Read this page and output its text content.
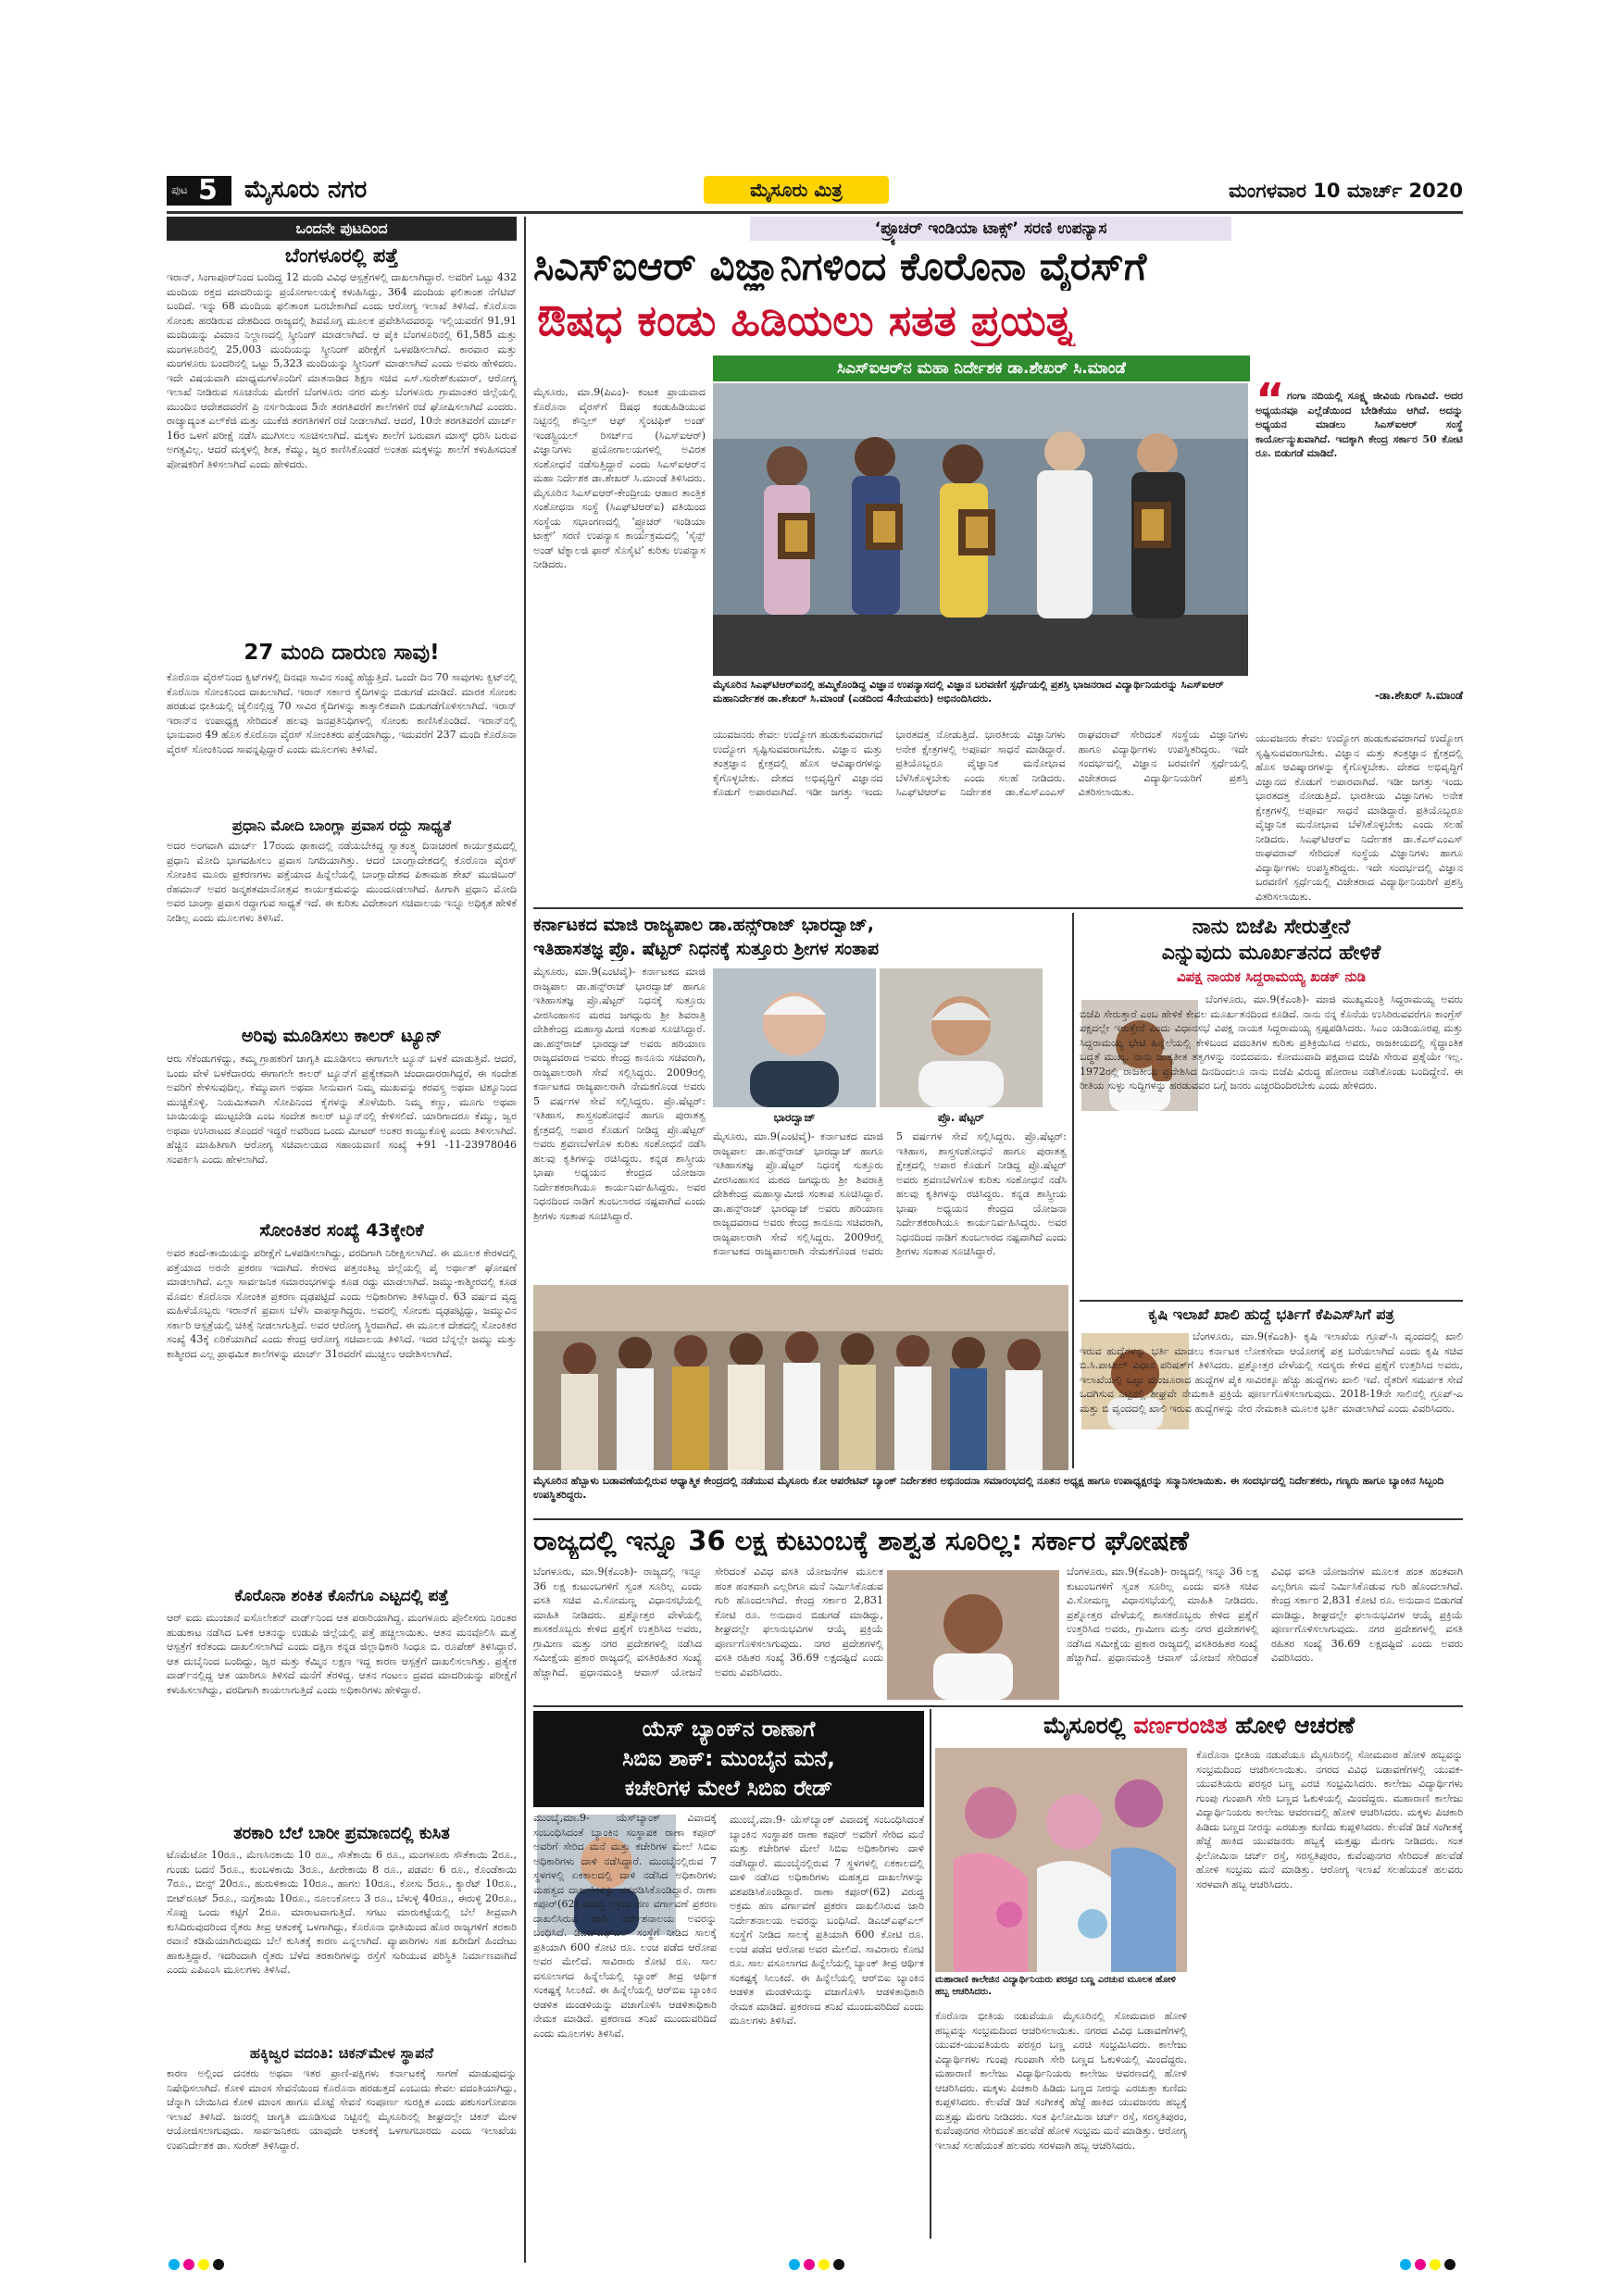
ಪುಟ 5 ಮೈಸೂರು ನಗರ	ಮೈಸೂರು ಮಿತ್ರ	ಮಂಗಳವಾರ 10 ಮಾರ್ಚ್ 2020
ಒಂದನೇ ಪುಟದಿಂದ
ಬೆಂಗಳೂರಲ್ಲಿ ಪತ್ತೆ
ಇರಾನ್, ಸಿಂಗಾಪೂರ್‌ನಿಂದ ಬಂದಿದ್ದ 12 ಮಂದಿ ವಿವಿಧ ಆಸ್ಪತ್ರೆಗಳಲ್ಲಿ ದಾಖಲಾಗಿದ್ದಾರೆ. ಅವರಿಗೆ ಒಟ್ಟು 432 ಮಂದಿಯ ರಕ್ತದ ಮಾದರಿಯನ್ನು ಪ್ರಯೋಗಾಲಯಕ್ಕೆ ಕಳುಹಿಸಿದ್ದು, 364 ಮಂದಿಯ ಫಲಿತಾಂಶ ನೆಗೆಟಿವ್ ಬಂದಿದೆ. ಇನ್ನು 68 ಮಂದಿಯ ಫಲಿತಾಂಶ ಬರಬೇಕಾಗಿದೆ ಎಂದು ಆರೋಗ್ಯ ಇಲಾಖೆ ತಿಳಿಸಿದೆ. ಕೊರೊನಾ ಸೋಂಕು ಹರಡಿರುವ ದೇಶದಿಂದ ರಾಜ್ಯದಲ್ಲಿ ಶಿವಮೊಗ್ಗ ಮೂಲಕ ಪ್ರವೇಶಿಸಿದವರನ್ನು ಇಲ್ಲಿಯವರೆಗೆ 91,91 ಮಂದಿಯನ್ನು ವಿಮಾನ ನಿಲ್ದಾಣದಲ್ಲಿ ಸ್ಕ್ರೀನಿಂಗ್ ಮಾಡಲಾಗಿದೆ. ಆ ಪೈಕಿ ಬೆಂಗಳೂರಿನಲ್ಲಿ 61,585 ಮತ್ತು ಮಂಗಳೂರಿನಲ್ಲಿ 25,003 ಮಂದಿಯನ್ನು ಸ್ಕ್ರೀನಿಂಗ್ ಪರೀಕ್ಷೆಗೆ ಒಳಪಡಿಸಲಾಗಿದೆ. ಕಾರವಾರ ಮತ್ತು ಮಂಗಳೂರು ಬಂದರಿನಲ್ಲಿ ಒಟ್ಟು 5,323 ಮಂದಿಯನ್ನು ಸ್ಕ್ರೀನಿಂಗ್ ಮಾಡಲಾಗಿದೆ ಎಂದು ಅವರು ಹೇಳಿದರು. ಇದೇ ವಿಷಯವಾಗಿ ಮಾಧ್ಯಮಗಳೊಂದಿಗೆ ಮಾತನಾಡಿದ ಶಿಕ್ಷಣ ಸಚಿವ ಎಸ್.ಸುರೇಶ್‌ಕುಮಾರ್, ಆರೋಗ್ಯ ಇಲಾಖೆ ನೀಡಿರುವ ಸೂಚನೆಯ ಮೇರೆಗೆ ಬೆಂಗಳೂರು ನಗರ ಮತ್ತು ಬೆಂಗಳೂರು ಗ್ರಾಮಾಂತರ ಜಿಲ್ಲೆಯಲ್ಲಿ ಮುಂದಿನ ಆದೇಶದವರೆಗೆ ಪ್ರಿ ನರ್ಸರಿಯಿಂದ 5ನೇ ತರಗತಿವರೆಗೆ ಶಾಲೆಗಳಿಗೆ ರಜೆ ಘೋಷಿಸಲಾಗಿದೆ ಎಂದರು. ರಾಜ್ಯಾದ್ಯಂತ ಎಲ್‌ಕೆಜಿ ಮತ್ತು ಯುಕೆಜಿ ತರಗತಿಗಳಿಗೆ ರಜೆ ನೀಡಲಾಗಿದೆ. ಆದರೆ, 10ನೇ ತರಗತಿವರೆಗೆ ಮಾರ್ಚ್ 16ರ ಒಳಗೆ ಪರೀಕ್ಷೆ ನಡೆಸಿ ಮುಗಿಸಲು ಸೂಚಿಸಲಾಗಿದೆ. ಮಕ್ಕಳು ಶಾಲೆಗೆ ಬರುವಾಗ ಮಾಸ್ಕ್ ಧರಿಸಿ ಬರುವ ಅಗತ್ಯವಿಲ್ಲ. ಆದರೆ ಮಕ್ಕಳಲ್ಲಿ ಶೀತ, ಕೆಮ್ಮು, ಜ್ವರ ಕಾಣಿಸಿಕೊಂಡರೆ ಅಂತಹ ಮಕ್ಕಳನ್ನು ಶಾಲೆಗೆ ಕಳುಹಿಸದಂತೆ ಪೋಷಕರಿಗೆ ತಿಳಿಸಲಾಗಿದೆ ಎಂದು ಹೇಳಿದರು.
27 ಮಂದಿ ದಾರುಣ ಸಾವು!
ಕೊರೊನಾ ವೈರಸ್‌ನಿಂದ ಕ್ವಿಟ್‌ಗಳಲ್ಲಿ ದಿನವೂ ಸಾವಿನ ಸಂಖ್ಯೆ ಹೆಚ್ಚುತ್ತಿದೆ. ಒಂದೇ ದಿನ 70 ಸಾವುಗಳು ಕ್ವಿಟ್‌ನಲ್ಲಿ ಕೊರೊನಾ ಸೋಂಕಿನಿಂದ ದಾಖಲಾಗಿದೆ. ಇರಾನ್ ಸರ್ಕಾರ ಕೈದಿಗಳನ್ನು ಬಿಡುಗಡೆ ಮಾಡಿದೆ. ಮಾರಕ ಸೋಂಕು ಹರಡುವ ಭೀತಿಯಲ್ಲಿ ಜೈಲಿನಲ್ಲಿದ್ದ 70 ಸಾವಿರ ಕೈದಿಗಳನ್ನು ತಾತ್ಕಾಲಿಕವಾಗಿ ಬಿಡುಗಡೆಗೊಳಿಸಲಾಗಿದೆ. ಇರಾನ್ ಇರಾನ್‌ನ ಉಪಾಧ್ಯಕ್ಷ ಸೇರಿದಂತೆ ಹಲವು ಜನಪ್ರತಿನಿಧಿಗಳಲ್ಲಿ ಸೋಂಕು ಕಾಣಿಸಿಕೊಂಡಿದೆ. ಇರಾನ್‌ನಲ್ಲಿ ಭಾನುವಾರ 49 ಹೊಸ ಕೊರೊನಾ ವೈರಸ್ ಸೋಂಕಿತರು ಪತ್ತೆಯಾಗಿದ್ದು, ಇದುವರೆಗೆ 237 ಮಂದಿ ಕೊರೊನಾ ವೈರಸ್ ಸೋಂಕಿನಿಂದ ಸಾವನ್ನಪ್ಪಿದ್ದಾರೆ ಎಂದು ಮೂಲಗಳು ತಿಳಿಸಿವೆ.
ಪ್ರಧಾನಿ ಮೋದಿ ಬಾಂಗ್ಲಾ ಪ್ರವಾಸ ರದ್ದು ಸಾಧ್ಯತೆ
ಅದರ ಅಂಗವಾಗಿ ಮಾರ್ಚ್ 17ರಂದು ಢಾಕಾದಲ್ಲಿ ನಡೆಯಬೇಕಿದ್ದ ಸ್ವಾತಂತ್ರ್ಯ ದಿನಾಚರಣೆ ಕಾರ್ಯಕ್ರಮದಲ್ಲಿ ಪ್ರಧಾನಿ ಮೋದಿ ಭಾಗವಹಿಸಲು ಪ್ರವಾಸ ನಿಗದಿಯಾಗಿತ್ತು. ಆದರೆ ಬಾಂಗ್ಲಾದೇಶದಲ್ಲಿ ಕೊರೊನಾ ವೈರಸ್ ಸೋಂಕಿನ ಮೂರು ಪ್ರಕರಣಗಳು ಪತ್ತೆಯಾದ ಹಿನ್ನೆಲೆಯಲ್ಲಿ ಬಾಂಗ್ಲಾದೇಶದ ಪಿತಾಮಹ ಶೇಖ್ ಮುಜಿಬುರ್ ರೆಹಮಾನ್ ಅವರ ಜನ್ಮಶತಮಾನೋತ್ಸವ ಕಾರ್ಯಕ್ರಮವನ್ನು ಮುಂದೂಡಲಾಗಿದೆ. ಹೀಗಾಗಿ ಪ್ರಧಾನಿ ಮೋದಿ ಅವರ ಬಾಂಗ್ಲಾ ಪ್ರವಾಸ ರದ್ದಾಗುವ ಸಾಧ್ಯತೆ ಇದೆ. ಈ ಕುರಿತು ವಿದೇಶಾಂಗ ಸಚಿವಾಲಯ ಇನ್ನೂ ಅಧಿಕೃತ ಹೇಳಿಕೆ ನೀಡಿಲ್ಲ ಎಂದು ಮೂಲಗಳು ತಿಳಿಸಿವೆ.
ಅರಿವು ಮೂಡಿಸಲು ಕಾಲರ್ ಟ್ಯೂನ್
ಆರು ಸೆಕೆಂಡುಗಳಿದ್ದು, ತಮ್ಮ ಗ್ರಾಹಕರಿಗೆ ಜಾಗೃತಿ ಮೂಡಿಸಲು ಈಗಾಗಲೇ ಟ್ಯೂನ್ ಬಳಕೆ ಮಾಡುತ್ತಿವೆ. ಆದರೆ, ಒಂದು ವೇಳೆ ಬಳಕೆದಾರರು ಈಗಾಗಲೇ ಕಾಲರ್ ಟ್ಯೂನ್‌ಗೆ ಪ್ರತ್ಯೇಕವಾಗಿ ಚಂದಾದಾರರಾಗಿದ್ದರೆ, ಈ ಸಂದೇಶ ಅವರಿಗೆ ಕೇಳಿಸುವುದಿಲ್ಲ. ಕೆಮ್ಮುವಾಗ ಅಥವಾ ಸೀನುವಾಗ ನಿಮ್ಮ ಮುಖವನ್ನು ಕರವಸ್ತ್ರ ಅಥವಾ ಟಿಶ್ಯೂನಿಂದ ಮುಚ್ಚಿಕೊಳ್ಳಿ. ನಿಯಮಿತವಾಗಿ ಸೋಪಿನಿಂದ ಕೈಗಳನ್ನು ತೊಳೆಯಿರಿ. ನಿಮ್ಮ ಕಣ್ಣು, ಮೂಗು ಅಥವಾ ಬಾಯಿಯನ್ನು ಮುಟ್ಟಬೇಡಿ ಎಂಬ ಸಂದೇಶ ಕಾಲರ್ ಟ್ಯೂನ್‌ನಲ್ಲಿ ಕೇಳಿಸಲಿದೆ. ಯಾರಿಗಾದರೂ ಕೆಮ್ಮು, ಜ್ವರ ಅಥವಾ ಉಸಿರಾಟದ ತೊಂದರೆ ಇದ್ದರೆ ಅವರಿಂದ ಒಂದು ಮೀಟರ್ ಅಂತರ ಕಾಯ್ದುಕೊಳ್ಳಿ ಎಂದು ತಿಳಿಸಲಾಗಿದೆ. ಹೆಚ್ಚಿನ ಮಾಹಿತಿಗಾಗಿ ಆರೋಗ್ಯ ಸಚಿವಾಲಯದ ಸಹಾಯವಾಣಿ ಸಂಖ್ಯೆ +91 -11-23978046 ಸಂಪರ್ಕಿಸಿ ಎಂದು ಹೇಳಲಾಗಿದೆ.
ಸೋಂಕಿತರ ಸಂಖ್ಯೆ 43ಕ್ಕೇರಿಕೆ
ಅವರ ತಂದೆ-ತಾಯಿಯನ್ನು ಪರೀಕ್ಷೆಗೆ ಒಳಪಡಿಸಲಾಗಿದ್ದು, ವರದಿಗಾಗಿ ನಿರೀಕ್ಷಿಸಲಾಗಿದೆ. ಈ ಮೂಲಕ ಕೇರಳದಲ್ಲಿ ಪತ್ತೆಯಾದ ಅರನೇ ಪ್ರಕರಣ ಇದಾಗಿದೆ. ಕೇರಳದ ಪತ್ತನಂತಿಟ್ಟ ಜಿಲ್ಲೆಯಲ್ಲಿ ಪೈ ಅರ್ಥಾತ್ ಘೋಷಣೆ ಮಾಡಲಾಗಿದೆ. ಎಲ್ಲಾ ಸಾರ್ವಜನಿಕ ಸಮಾರಂಭಗಳನ್ನು ಕೂಡ ರದ್ದು ಮಾಡಲಾಗಿದೆ. ಜಮ್ಮು-ಕಾಶ್ಮೀರದಲ್ಲಿ ಕೂಡ ಮೊದಲ ಕೊರೊನಾ ಸೋಂಕಿತ ಪ್ರಕರಣ ದೃಢಪಟ್ಟಿದೆ ಎಂದು ಅಧಿಕಾರಿಗಳು ತಿಳಿಸಿದ್ದಾರೆ. 63 ವರ್ಷದ ವೃದ್ಧ ಮಹಿಳೆಯೊಬ್ಬರು ಇರಾನ್‌ಗೆ ಪ್ರವಾಸ ಬೆಳೆಸಿ ವಾಪಸ್ಸಾಗಿದ್ದರು. ಅವರಲ್ಲಿ ಸೋಂಕು ದೃಢಪಟ್ಟಿದ್ದು, ಜಮ್ಮುವಿನ ಸರ್ಕಾರಿ ಆಸ್ಪತ್ರೆಯಲ್ಲಿ ಚಿಕಿತ್ಸೆ ನೀಡಲಾಗುತ್ತಿದೆ. ಅವರ ಆರೋಗ್ಯ ಸ್ಥಿರವಾಗಿದೆ. ಈ ಮೂಲಕ ದೇಶದಲ್ಲಿ ಸೋಂಕಿತರ ಸಂಖ್ಯೆ 43ಕ್ಕೆ ಏರಿಕೆಯಾಗಿದೆ ಎಂದು ಕೇಂದ್ರ ಆರೋಗ್ಯ ಸಚಿವಾಲಯ ತಿಳಿಸಿದೆ. ಇದರ ಬೆನ್ನಲ್ಲೇ ಜಮ್ಮು ಮತ್ತು ಕಾಶ್ಮೀರದ ಎಲ್ಲ ಪ್ರಾಥಮಿಕ ಶಾಲೆಗಳನ್ನು ಮಾರ್ಚ್ 31ರವರೆಗೆ ಮುಚ್ಚಲು ಆದೇಶಿಸಲಾಗಿದೆ.
ಕೊರೊನಾ ಶಂಕಿತ ಕೊನೆಗೂ ಎಟ್ಟದಲ್ಲಿ ಪತ್ತೆ
ಆರ್ ಐದು ಮುಂಜಾನೆ ಐಸೊಲೇಶನ್ ವಾರ್ಡ್‌ನಿಂದ ಆತ ಪರಾರಿಯಾಗಿದ್ದ. ಮಂಗಳೂರು ಪೊಲೀಸರು ನಿರಂತರ ಹುಡುಕಾಟ ನಡೆಸಿದ ಬಳಿಕ ಆತನನ್ನು ಉಡುಪಿ ಜಿಲ್ಲೆಯಲ್ಲಿ ಪತ್ತೆ ಹಚ್ಚಲಾಯಿತು. ಆತನ ಮನವೊಲಿಸಿ ಮತ್ತೆ ಆಸ್ಪತ್ರೆಗೆ ಕರೆತಂದು ದಾಖಲಿಸಲಾಗಿದೆ ಎಂದು ದಕ್ಷಿಣ ಕನ್ನಡ ಜಿಲ್ಲಾಧಿಕಾರಿ ಸಿಂಧೂ ಬಿ. ರೂಪೇಶ್ ತಿಳಿಸಿದ್ದಾರೆ. ಆತ ದುಬೈನಿಂದ ಬಂದಿದ್ದು, ಜ್ವರ ಮತ್ತು ಕೆಮ್ಮಿನ ಲಕ್ಷಣ ಇದ್ದ ಕಾರಣ ಆಸ್ಪತ್ರೆಗೆ ದಾಖಲಿಸಲಾಗಿತ್ತು. ಪ್ರತ್ಯೇಕ ವಾರ್ಡ್‌ನಲ್ಲಿದ್ದ ಆತ ಯಾರಿಗೂ ತಿಳಿಸದೆ ಮನೆಗೆ ತೆರಳಿದ್ದ. ಆತನ ಗಂಟಲು ದ್ರವದ ಮಾದರಿಯನ್ನು ಪರೀಕ್ಷೆಗೆ ಕಳುಹಿಸಲಾಗಿದ್ದು, ವರದಿಗಾಗಿ ಕಾಯಲಾಗುತ್ತಿದೆ ಎಂದು ಅಧಿಕಾರಿಗಳು ಹೇಳಿದ್ದಾರೆ.
ತರಕಾರಿ ಬೆಲೆ ಬಾರೀ ಪ್ರಮಾಣದಲ್ಲಿ ಕುಸಿತ
ಟೊಮೆಟೋ 10ರೂ., ಮೆಣಸಿನಕಾಯಿ 10 ರೂ., ಸೌತೆಕಾಯಿ 6 ರೂ., ಮಂಗಳೂರು ಸೌತೆಕಾಯಿ 2ರೂ., ಗುಂಡು ಬದನೆ 5ರೂ., ಕುಂಬಳಕಾಯಿ 3ರೂ., ಹೀರೇಕಾಯಿ 8 ರೂ., ಪಡವಲ 6 ರೂ., ಕೊಂಡೆಕಾಯಿ 7ರೂ., ಬೀನ್ಸ್ 20ರೂ., ಹುರುಳಿಕಾಯಿ 10ರೂ., ಹಾಗಲ 10ರೂ., ಕೋಸು 5ರೂ., ಕ್ಯಾರೆಟ್ 10ರೂ., ಬೀಟ್‌ರೂಟ್ 5ರೂ., ನುಗ್ಗೆಕಾಯಿ 10ರೂ., ನೂಲುಕೋಲು 3 ರೂ., ಬೆಳುಳ್ಳಿ 40ರೂ., ಈರುಳ್ಳಿ 20ರೂ., ಸೊಪ್ಪು ಒಂದು ಕಟ್ಟಿಗೆ 2ರೂ. ಮಾರಾಟವಾಗುತ್ತಿದೆ. ಸಗಟು ಮಾರುಕಟ್ಟೆಯಲ್ಲಿ ಬೆಲೆ ತೀವ್ರವಾಗಿ ಕುಸಿದಿರುವುದರಿಂದ ರೈತರು ತೀವ್ರ ಆತಂಕಕ್ಕೆ ಒಳಗಾಗಿದ್ದು, ಕೊರೊನಾ ಭೀತಿಯಿಂದ ಹೊರ ರಾಜ್ಯಗಳಿಗೆ ತರಕಾರಿ ರವಾನೆ ಕಡಿಮೆಯಾಗಿರುವುದು ಬೆಲೆ ಕುಸಿತಕ್ಕೆ ಕಾರಣ ಎನ್ನಲಾಗಿದೆ. ವ್ಯಾಪಾರಿಗಳು ಸಹ ಖರೀದಿಗೆ ಹಿಂದೇಟು ಹಾಕುತ್ತಿದ್ದಾರೆ. ಇದರಿಂದಾಗಿ ರೈತರು ಬೆಳೆದ ತರಕಾರಿಗಳನ್ನು ರಸ್ತೆಗೆ ಸುರಿಯುವ ಪರಿಸ್ಥಿತಿ ನಿರ್ಮಾಣವಾಗಿದೆ ಎಂದು ಎಪಿಎಂಸಿ ಮೂಲಗಳು ತಿಳಿಸಿವೆ.
ಹಕ್ಕಿಜ್ವರ ವದಂತಿ: ಚಿಕನ್‌ಮೇಳ ಸ್ಥಾಪನೆ
ಕಾರಣ ಅಲ್ಲಿಂದ ದನಕರು ಅಥವಾ ಇತರ ಪ್ರಾಣಿ-ಪಕ್ಷಿಗಳು ಕರ್ನಾಟಕಕ್ಕೆ ಸಾಗಣೆ ಮಾಡುವುದನ್ನು ನಿಷೇಧಿಸಲಾಗಿದೆ. ಕೋಳಿ ಮಾಂಸ ಸೇವನೆಯಿಂದ ಕೊರೊನಾ ಹರಡುತ್ತದೆ ಎಂಬುದು ಕೇವಲ ವದಂತಿಯಾಗಿದ್ದು, ಚೆನ್ನಾಗಿ ಬೇಯಿಸಿದ ಕೋಳಿ ಮಾಂಸ ಹಾಗೂ ಮೊಟ್ಟೆ ಸೇವನೆ ಸಂಪೂರ್ಣ ಸುರಕ್ಷಿತ ಎಂದು ಪಶುಸಂಗೋಪನಾ ಇಲಾಖೆ ತಿಳಿಸಿದೆ. ಜನರಲ್ಲಿ ಜಾಗೃತಿ ಮೂಡಿಸುವ ನಿಟ್ಟಿನಲ್ಲಿ ಮೈಸೂರಿನಲ್ಲಿ ಶೀಘ್ರದಲ್ಲೇ ಚಿಕನ್ ಮೇಳ ಆಯೋಜಿಸಲಾಗುವುದು. ಸಾರ್ವಜನಿಕರು ಯಾವುದೇ ಆತಂಕಕ್ಕೆ ಒಳಗಾಗಬಾರದು ಎಂದು ಇಲಾಖೆಯ ಉಪನಿರ್ದೇಶಕ ಡಾ. ಸುರೇಶ್ ತಿಳಿಸಿದ್ದಾರೆ.
‘ಪ್ರ್ಯೂಚರ್ ಇಂಡಿಯಾ ಟಾಕ್ಸ್’ ಸರಣಿ ಉಪನ್ಯಾಸ
ಸಿಎಸ್‌ಐಆರ್ ವಿಜ್ಞಾನಿಗಳಿಂದ ಕೊರೊನಾ ವೈರಸ್‌ಗೆ
ಔಷಧ ಕಂಡು ಹಿಡಿಯಲು ಸತತ ಪ್ರಯತ್ನ
ಸಿಎಸ್‌ಐಆರ್‌ನ ಮಹಾ ನಿರ್ದೇಶಕ ಡಾ.ಶೇಖರ್ ಸಿ.ಮಾಂಡೆ
ಮೈಸೂರು, ಮಾ.9(ಪಿಎಂ)- ಕಂಟಕ ಪ್ರಾಯವಾದ ಕೊರೊನಾ ವೈರಸ್‌ಗೆ ಔಷಧ ಕಂಡುಹಿಡಿಯುವ ನಿಟ್ಟಿನಲ್ಲಿ ಕೌನ್ಸಿಲ್ ಆಫ್ ಸೈಂಟಿಫಿಕ್ ಅಂಡ್ ಇಂಡಸ್ಟ್ರಿಯಲ್ ರಿಸರ್ಚ್‌ನ (ಸಿಎಸ್‌ಐಆರ್) ವಿಜ್ಞಾನಿಗಳು ಪ್ರಯೋಗಾಲಯಗಳಲ್ಲಿ ಅವಿರತ ಸಂಶೋಧನೆ ನಡೆಸುತ್ತಿದ್ದಾರೆ ಎಂದು ಸಿಎಸ್‌ಐಆರ್‌ನ ಮಹಾ ನಿರ್ದೇಶಕ ಡಾ.ಶೇಖರ್ ಸಿ.ಮಾಂಡೆ ತಿಳಿಸಿದರು. ಮೈಸೂರಿನ ಸಿಎಸ್‌ಐಆರ್-ಕೇಂದ್ರೀಯ ಆಹಾರ ತಾಂತ್ರಿಕ ಸಂಶೋಧನಾ ಸಂಸ್ಥೆ (ಸಿಎಫ್‌ಟಿಆರ್‌ಐ) ವತಿಯಿಂದ ಸಂಸ್ಥೆಯ ಸಭಾಂಗಣದಲ್ಲಿ ‘ಪ್ರ್ಯೂಚರ್ ಇಂಡಿಯಾ ಟಾಕ್ಸ್’ ಸರಣಿ ಉಪನ್ಯಾಸ ಕಾರ್ಯಕ್ರಮದಲ್ಲಿ ‘ಸೈನ್ಸ್ ಅಂಡ್ ಟೆಕ್ನಾಲಜಿ ಫಾರ್ ಸೊಸೈಟಿ’ ಕುರಿತು ಉಪನ್ಯಾಸ ನೀಡಿದರು.
ಮೈಸೂರಿನ ಸಿಎಫ್‌ಟಿಆರ್‌ಐನಲ್ಲಿ ಹಮ್ಮಿಕೊಂಡಿದ್ದ ವಿಜ್ಞಾನ ಉಪನ್ಯಾಸದಲ್ಲಿ ವಿಜ್ಞಾನ ಬರವಣಿಗೆ ಸ್ಪರ್ಧೆಯಲ್ಲಿ ಪ್ರಶಸ್ತಿ ಭಾಜನರಾದ ವಿದ್ಯಾರ್ಥಿನಿಯರನ್ನು ಸಿಎಸ್‌ಐಆರ್ ಮಹಾನಿರ್ದೇಶಕ ಡಾ.ಶೇಖರ್ ಸಿ.ಮಾಂಡೆ (ಎಡದಿಂದ 4ನೇಯವರು) ಅಭಿನಂದಿಸಿದರು.
“ ಗಂಗಾ ನದಿಯಲ್ಲಿ ಸೂಕ್ಷ್ಮ ಜೀವಿಯ ಗುಣವಿದೆ. ಅದರ ಅಧ್ಯಯನವೂ ಎಲ್ಲೆಡೆಯಿಂದ ಬೇಡಿಕೆಯು ಆಗಿದೆ. ಅದನ್ನು ಅಧ್ಯಯನ ಮಾಡಲು ಸಿಎಸ್‌ಐಆರ್ ಸಂಸ್ಥೆ ಕಾರ್ಯೋನ್ಮುಖವಾಗಿದೆ. ಇದಕ್ಕಾಗಿ ಕೇಂದ್ರ ಸರ್ಕಾರ 50 ಕೋಟಿ ರೂ. ಬಿಡುಗಡೆ ಮಾಡಿದೆ.
-ಡಾ.ಶೇಖರ್ ಸಿ.ಮಾಂಡೆ
ಯುವಜನರು ಕೇವಲ ಉದ್ಯೋಗ ಹುಡುಕುವವರಾಗದೆ ಉದ್ಯೋಗ ಸೃಷ್ಟಿಸುವವರಾಗಬೇಕು. ವಿಜ್ಞಾನ ಮತ್ತು ತಂತ್ರಜ್ಞಾನ ಕ್ಷೇತ್ರದಲ್ಲಿ ಹೊಸ ಆವಿಷ್ಕಾರಗಳನ್ನು ಕೈಗೊಳ್ಳಬೇಕು. ದೇಶದ ಅಭಿವೃದ್ಧಿಗೆ ವಿಜ್ಞಾನದ ಕೊಡುಗೆ ಅಪಾರವಾಗಿದೆ. ಇಡೀ ಜಗತ್ತು ಇಂದು ಭಾರತದತ್ತ ನೋಡುತ್ತಿದೆ. ಭಾರತೀಯ ವಿಜ್ಞಾನಿಗಳು ಅನೇಕ ಕ್ಷೇತ್ರಗಳಲ್ಲಿ ಅಪೂರ್ವ ಸಾಧನೆ ಮಾಡಿದ್ದಾರೆ. ಪ್ರತಿಯೊಬ್ಬರೂ ವೈಜ್ಞಾನಿಕ ಮನೋಭಾವ ಬೆಳೆಸಿಕೊಳ್ಳಬೇಕು ಎಂದು ಸಲಹೆ ನೀಡಿದರು. ಸಿಎಫ್‌ಟಿಆರ್‌ಐ ನಿರ್ದೇಶಕ ಡಾ.ಕೆಎಸ್‌ಎಂಎಸ್ ರಾಘವರಾವ್ ಸೇರಿದಂತೆ ಸಂಸ್ಥೆಯ ವಿಜ್ಞಾನಿಗಳು ಹಾಗೂ ವಿದ್ಯಾರ್ಥಿಗಳು ಉಪಸ್ಥಿತರಿದ್ದರು. ಇದೇ ಸಂದರ್ಭದಲ್ಲಿ ವಿಜ್ಞಾನ ಬರವಣಿಗೆ ಸ್ಪರ್ಧೆಯಲ್ಲಿ ವಿಜೇತರಾದ ವಿದ್ಯಾರ್ಥಿನಿಯರಿಗೆ ಪ್ರಶಸ್ತಿ ವಿತರಿಸಲಾಯಿತು.
ಯುವಜನರು ಕೇವಲ ಉದ್ಯೋಗ ಹುಡುಕುವವರಾಗದೆ ಉದ್ಯೋಗ ಸೃಷ್ಟಿಸುವವರಾಗಬೇಕು. ವಿಜ್ಞಾನ ಮತ್ತು ತಂತ್ರಜ್ಞಾನ ಕ್ಷೇತ್ರದಲ್ಲಿ ಹೊಸ ಆವಿಷ್ಕಾರಗಳನ್ನು ಕೈಗೊಳ್ಳಬೇಕು. ದೇಶದ ಅಭಿವೃದ್ಧಿಗೆ ವಿಜ್ಞಾನದ ಕೊಡುಗೆ ಅಪಾರವಾಗಿದೆ. ಇಡೀ ಜಗತ್ತು ಇಂದು ಭಾರತದತ್ತ ನೋಡುತ್ತಿದೆ. ಭಾರತೀಯ ವಿಜ್ಞಾನಿಗಳು ಅನೇಕ ಕ್ಷೇತ್ರಗಳಲ್ಲಿ ಅಪೂರ್ವ ಸಾಧನೆ ಮಾಡಿದ್ದಾರೆ. ಪ್ರತಿಯೊಬ್ಬರೂ ವೈಜ್ಞಾನಿಕ ಮನೋಭಾವ ಬೆಳೆಸಿಕೊಳ್ಳಬೇಕು ಎಂದು ಸಲಹೆ ನೀಡಿದರು. ಸಿಎಫ್‌ಟಿಆರ್‌ಐ ನಿರ್ದೇಶಕ ಡಾ.ಕೆಎಸ್‌ಎಂಎಸ್ ರಾಘವರಾವ್ ಸೇರಿದಂತೆ ಸಂಸ್ಥೆಯ ವಿಜ್ಞಾನಿಗಳು ಹಾಗೂ ವಿದ್ಯಾರ್ಥಿಗಳು ಉಪಸ್ಥಿತರಿದ್ದರು. ಇದೇ ಸಂದರ್ಭದಲ್ಲಿ ವಿಜ್ಞಾನ ಬರವಣಿಗೆ ಸ್ಪರ್ಧೆಯಲ್ಲಿ ವಿಜೇತರಾದ ವಿದ್ಯಾರ್ಥಿನಿಯರಿಗೆ ಪ್ರಶಸ್ತಿ ವಿತರಿಸಲಾಯಿತು.
ಕರ್ನಾಟಕದ ಮಾಜಿ ರಾಜ್ಯಪಾಲ ಡಾ.ಹನ್ಸ್‌ರಾಜ್ ಭಾರದ್ವಾಜ್,
ಇತಿಹಾಸತಜ್ಞ ಪ್ರೊ. ಷೆಟ್ಟರ್ ನಿಧನಕ್ಕೆ ಸುತ್ತೂರು ಶ್ರೀಗಳ ಸಂತಾಪ
ಮೈಸೂರು, ಮಾ.9(ಎಂಟಿವೈ)- ಕರ್ನಾಟಕದ ಮಾಜಿ ರಾಜ್ಯಪಾಲ ಡಾ.ಹನ್ಸ್‌ರಾಜ್ ಭಾರದ್ವಾಜ್ ಹಾಗೂ ಇತಿಹಾಸತಜ್ಞ ಪ್ರೊ.ಷೆಟ್ಟರ್ ನಿಧನಕ್ಕೆ ಸುತ್ತೂರು ವೀರಸಿಂಹಾಸನ ಮಠದ ಜಗದ್ಗುರು ಶ್ರೀ ಶಿವರಾತ್ರಿ ದೇಶಿಕೇಂದ್ರ ಮಹಾಸ್ವಾಮೀಜಿ ಸಂತಾಪ ಸೂಚಿಸಿದ್ದಾರೆ. ಡಾ.ಹನ್ಸ್‌ರಾಜ್ ಭಾರದ್ವಾಜ್ ಅವರು ಹರಿಯಾಣ ರಾಜ್ಯದವರಾದ ಅವರು ಕೇಂದ್ರ ಕಾನೂನು ಸಚಿವರಾಗಿ, ರಾಜ್ಯಪಾಲರಾಗಿ ಸೇವೆ ಸಲ್ಲಿಸಿದ್ದರು. 2009ರಲ್ಲಿ ಕರ್ನಾಟಕದ ರಾಜ್ಯಪಾಲರಾಗಿ ನೇಮಕಗೊಂಡ ಅವರು 5 ವರ್ಷಗಳ ಸೇವೆ ಸಲ್ಲಿಸಿದ್ದರು. ಪ್ರೊ.ಷೆಟ್ಟರ್: ಇತಿಹಾಸ, ಶಾಸ್ತ್ರಸಂಶೋಧನೆ ಹಾಗೂ ಪುರಾತತ್ವ ಕ್ಷೇತ್ರದಲ್ಲಿ ಅಪಾರ ಕೊಡುಗೆ ನೀಡಿದ್ದ ಪ್ರೊ.ಷೆಟ್ಟರ್ ಅವರು ಶ್ರವಣಬೆಳಗೊಳ ಕುರಿತು ಸಂಶೋಧನೆ ನಡೆಸಿ ಹಲವು ಕೃತಿಗಳನ್ನು ರಚಿಸಿದ್ದರು. ಕನ್ನಡ ಶಾಸ್ತ್ರೀಯ ಭಾಷಾ ಅಧ್ಯಯನ ಕೇಂದ್ರದ ಯೋಜನಾ ನಿರ್ದೇಶಕರಾಗಿಯೂ ಕಾರ್ಯನಿರ್ವಹಿಸಿದ್ದರು. ಅವರ ನಿಧನದಿಂದ ನಾಡಿಗೆ ತುಂಬಲಾರದ ನಷ್ಟವಾಗಿದೆ ಎಂದು ಶ್ರೀಗಳು ಸಂತಾಪ ಸೂಚಿಸಿದ್ದಾರೆ.
ಭಾರದ್ವಾಜ್	ಪ್ರೊ. ಷೆಟ್ಟರ್
ಮೈಸೂರು, ಮಾ.9(ಎಂಟಿವೈ)- ಕರ್ನಾಟಕದ ಮಾಜಿ ರಾಜ್ಯಪಾಲ ಡಾ.ಹನ್ಸ್‌ರಾಜ್ ಭಾರದ್ವಾಜ್ ಹಾಗೂ ಇತಿಹಾಸತಜ್ಞ ಪ್ರೊ.ಷೆಟ್ಟರ್ ನಿಧನಕ್ಕೆ ಸುತ್ತೂರು ವೀರಸಿಂಹಾಸನ ಮಠದ ಜಗದ್ಗುರು ಶ್ರೀ ಶಿವರಾತ್ರಿ ದೇಶಿಕೇಂದ್ರ ಮಹಾಸ್ವಾಮೀಜಿ ಸಂತಾಪ ಸೂಚಿಸಿದ್ದಾರೆ. ಡಾ.ಹನ್ಸ್‌ರಾಜ್ ಭಾರದ್ವಾಜ್ ಅವರು ಹರಿಯಾಣ ರಾಜ್ಯದವರಾದ ಅವರು ಕೇಂದ್ರ ಕಾನೂನು ಸಚಿವರಾಗಿ, ರಾಜ್ಯಪಾಲರಾಗಿ ಸೇವೆ ಸಲ್ಲಿಸಿದ್ದರು. 2009ರಲ್ಲಿ ಕರ್ನಾಟಕದ ರಾಜ್ಯಪಾಲರಾಗಿ ನೇಮಕಗೊಂಡ ಅವರು 5 ವರ್ಷಗಳ ಸೇವೆ ಸಲ್ಲಿಸಿದ್ದರು. ಪ್ರೊ.ಷೆಟ್ಟರ್: ಇತಿಹಾಸ, ಶಾಸ್ತ್ರಸಂಶೋಧನೆ ಹಾಗೂ ಪುರಾತತ್ವ ಕ್ಷೇತ್ರದಲ್ಲಿ ಅಪಾರ ಕೊಡುಗೆ ನೀಡಿದ್ದ ಪ್ರೊ.ಷೆಟ್ಟರ್ ಅವರು ಶ್ರವಣಬೆಳಗೊಳ ಕುರಿತು ಸಂಶೋಧನೆ ನಡೆಸಿ ಹಲವು ಕೃತಿಗಳನ್ನು ರಚಿಸಿದ್ದರು. ಕನ್ನಡ ಶಾಸ್ತ್ರೀಯ ಭಾಷಾ ಅಧ್ಯಯನ ಕೇಂದ್ರದ ಯೋಜನಾ ನಿರ್ದೇಶಕರಾಗಿಯೂ ಕಾರ್ಯನಿರ್ವಹಿಸಿದ್ದರು. ಅವರ ನಿಧನದಿಂದ ನಾಡಿಗೆ ತುಂಬಲಾರದ ನಷ್ಟವಾಗಿದೆ ಎಂದು ಶ್ರೀಗಳು ಸಂತಾಪ ಸೂಚಿಸಿದ್ದಾರೆ.
ನಾನು ಬಿಜೆಪಿ ಸೇರುತ್ತೇನೆ
ಎನ್ನುವುದು ಮೂರ್ಖತನದ ಹೇಳಿಕೆ
ವಿಪಕ್ಷ ನಾಯಕ ಸಿದ್ದರಾಮಯ್ಯ ಖಡಕ್ ನುಡಿ
ಬೆಂಗಳೂರು, ಮಾ.9(ಕೆಎಂಶಿ)- ಮಾಜಿ ಮುಖ್ಯಮಂತ್ರಿ ಸಿದ್ದರಾಮಯ್ಯ ಅವರು ಬಿಜೆಪಿ ಸೇರುತ್ತಾರೆ ಎಂಬ ಹೇಳಿಕೆ ಕೇವಲ ಮೂರ್ಖತನದಿಂದ ಕೂಡಿದೆ. ನಾನು ನನ್ನ ಕೊನೆಯ ಉಸಿರಿರುವವರೆಗೂ ಕಾಂಗ್ರೆಸ್ ಪಕ್ಷದಲ್ಲೇ ಇರುತ್ತೇನೆ ಎಂದು ವಿಧಾನಸಭೆ ವಿಪಕ್ಷ ನಾಯಕ ಸಿದ್ದರಾಮಯ್ಯ ಸ್ಪಷ್ಟಪಡಿಸಿದರು. ಸಿಎಂ ಯಡಿಯೂರಪ್ಪ ಮತ್ತು ಸಿದ್ದರಾಮಯ್ಯ ಭೇಟಿ ಹಿನ್ನೆಲೆಯಲ್ಲಿ ಕೇಳಿಬಂದ ವದಂತಿಗಳ ಕುರಿತು ಪ್ರತಿಕ್ರಿಯಿಸಿದ ಅವರು, ರಾಜಕೀಯದಲ್ಲಿ ಸೈದ್ಧಾಂತಿಕ ಬದ್ಧತೆ ಮುಖ್ಯ. ನಾನು ಜಾತ್ಯತೀತ ತತ್ವಗಳನ್ನು ನಂಬಿದವನು. ಕೋಮುವಾದಿ ಪಕ್ಷವಾದ ಬಿಜೆಪಿ ಸೇರುವ ಪ್ರಶ್ನೆಯೇ ಇಲ್ಲ. 1972ರಲ್ಲಿ ರಾಜಕೀಯ ಪ್ರವೇಶಿಸಿದ ದಿನದಿಂದಲೂ ನಾನು ಬಿಜೆಪಿ ವಿರುದ್ಧ ಹೋರಾಟ ನಡೆಸಿಕೊಂಡು ಬಂದಿದ್ದೇನೆ. ಈ ರೀತಿಯ ಸುಳ್ಳು ಸುದ್ದಿಗಳನ್ನು ಹರಡುವವರ ಬಗ್ಗೆ ಜನರು ಎಚ್ಚರದಿಂದಿರಬೇಕು ಎಂದು ಹೇಳಿದರು.
ಕೃಷಿ ಇಲಾಖೆ ಖಾಲಿ ಹುದ್ದೆ ಭರ್ತಿಗೆ ಕೆಪಿಎಸ್‌ಸಿಗೆ ಪತ್ರ
ಬೆಂಗಳೂರು, ಮಾ.9(ಕೆಎಂಶಿ)- ಕೃಷಿ ಇಲಾಖೆಯ ಗ್ರೂಪ್-ಸಿ ವೃಂದದಲ್ಲಿ ಖಾಲಿ ಇರುವ ಹುದ್ದೆಗಳನ್ನು ಭರ್ತಿ ಮಾಡಲು ಕರ್ನಾಟಕ ಲೋಕಸೇವಾ ಆಯೋಗಕ್ಕೆ ಪತ್ರ ಬರೆಯಲಾಗಿದೆ ಎಂದು ಕೃಷಿ ಸಚಿವ ಬಿ.ಸಿ.ಪಾಟೀಲ್ ವಿಧಾನ ಪರಿಷತ್‌ಗೆ ತಿಳಿಸಿದರು. ಪ್ರಶ್ನೋತ್ತರ ವೇಳೆಯಲ್ಲಿ ಸದಸ್ಯರು ಕೇಳಿದ ಪ್ರಶ್ನೆಗೆ ಉತ್ತರಿಸಿದ ಅವರು, ಇಲಾಖೆಯಲ್ಲಿ ಒಟ್ಟು ಮಂಜೂರಾದ ಹುದ್ದೆಗಳ ಪೈಕಿ ಸಾವಿರಕ್ಕೂ ಹೆಚ್ಚು ಹುದ್ದೆಗಳು ಖಾಲಿ ಇವೆ. ರೈತರಿಗೆ ಸಮರ್ಪಕ ಸೇವೆ ಒದಗಿಸುವ ನಿಟ್ಟಿನಲ್ಲಿ ಶೀಘ್ರವೇ ನೇಮಕಾತಿ ಪ್ರಕ್ರಿಯೆ ಪೂರ್ಣಗೊಳಿಸಲಾಗುವುದು. 2018-19ನೇ ಸಾಲಿನಲ್ಲಿ ಗ್ರೂಪ್-ಎ ಮತ್ತು ಬಿ ವೃಂದದಲ್ಲಿ ಖಾಲಿ ಇರುವ ಹುದ್ದೆಗಳನ್ನು ನೇರ ನೇಮಕಾತಿ ಮೂಲಕ ಭರ್ತಿ ಮಾಡಲಾಗಿದೆ ಎಂದು ವಿವರಿಸಿದರು.
ಮೈಸೂರಿನ ಹೆಬ್ಬಾಳು ಬಡಾವಣೆಯಲ್ಲಿರುವ ಆಧ್ಯಾತ್ಮಿಕ ಕೇಂದ್ರದಲ್ಲಿ ನಡೆಯುವ ಮೈಸೂರು ಕೋ ಆಪರೇಟಿವ್ ಬ್ಯಾಂಕ್ ನಿರ್ದೇಶಕರ ಅಭಿನಂದನಾ ಸಮಾರಂಭದಲ್ಲಿ ನೂತನ ಅಧ್ಯಕ್ಷ ಹಾಗೂ ಉಪಾಧ್ಯಕ್ಷರನ್ನು ಸನ್ಮಾನಿಸಲಾಯಿತು. ಈ ಸಂದರ್ಭದಲ್ಲಿ ನಿರ್ದೇಶಕರು, ಗಣ್ಯರು ಹಾಗೂ ಬ್ಯಾಂಕಿನ ಸಿಬ್ಬಂದಿ ಉಪಸ್ಥಿತರಿದ್ದರು.
ರಾಜ್ಯದಲ್ಲಿ ಇನ್ನೂ 36 ಲಕ್ಷ ಕುಟುಂಬಕ್ಕೆ ಶಾಶ್ವತ ಸೂರಿಲ್ಲ: ಸರ್ಕಾರ ಘೋಷಣೆ
ಬೆಂಗಳೂರು, ಮಾ.9(ಕೆಎಂಶಿ)- ರಾಜ್ಯದಲ್ಲಿ ಇನ್ನೂ 36 ಲಕ್ಷ ಕುಟುಂಬಗಳಿಗೆ ಸ್ವಂತ ಸೂರಿಲ್ಲ ಎಂದು ವಸತಿ ಸಚಿವ ವಿ.ಸೋಮಣ್ಣ ವಿಧಾನಸಭೆಯಲ್ಲಿ ಮಾಹಿತಿ ನೀಡಿದರು. ಪ್ರಶ್ನೋತ್ತರ ವೇಳೆಯಲ್ಲಿ ಶಾಸಕರೊಬ್ಬರು ಕೇಳಿದ ಪ್ರಶ್ನೆಗೆ ಉತ್ತರಿಸಿದ ಅವರು, ಗ್ರಾಮೀಣ ಮತ್ತು ನಗರ ಪ್ರದೇಶಗಳಲ್ಲಿ ನಡೆಸಿದ ಸಮೀಕ್ಷೆಯ ಪ್ರಕಾರ ರಾಜ್ಯದಲ್ಲಿ ವಸತಿರಹಿತರ ಸಂಖ್ಯೆ ಹೆಚ್ಚಾಗಿದೆ. ಪ್ರಧಾನಮಂತ್ರಿ ಆವಾಸ್ ಯೋಜನೆ ಸೇರಿದಂತೆ ವಿವಿಧ ವಸತಿ ಯೋಜನೆಗಳ ಮೂಲಕ ಹಂತ ಹಂತವಾಗಿ ಎಲ್ಲರಿಗೂ ಮನೆ ನಿರ್ಮಿಸಿಕೊಡುವ ಗುರಿ ಹೊಂದಲಾಗಿದೆ. ಕೇಂದ್ರ ಸರ್ಕಾರ 2,831 ಕೋಟಿ ರೂ. ಅನುದಾನ ಬಿಡುಗಡೆ ಮಾಡಿದ್ದು, ಶೀಘ್ರದಲ್ಲೇ ಫಲಾನುಭವಿಗಳ ಆಯ್ಕೆ ಪ್ರಕ್ರಿಯೆ ಪೂರ್ಣಗೊಳಿಸಲಾಗುವುದು. ನಗರ ಪ್ರದೇಶಗಳಲ್ಲಿ ವಸತಿ ರಹಿತರ ಸಂಖ್ಯೆ 36.69 ಲಕ್ಷದಷ್ಟಿದೆ ಎಂದು ಅವರು ವಿವರಿಸಿದರು.
ಬೆಂಗಳೂರು, ಮಾ.9(ಕೆಎಂಶಿ)- ರಾಜ್ಯದಲ್ಲಿ ಇನ್ನೂ 36 ಲಕ್ಷ ಕುಟುಂಬಗಳಿಗೆ ಸ್ವಂತ ಸೂರಿಲ್ಲ ಎಂದು ವಸತಿ ಸಚಿವ ವಿ.ಸೋಮಣ್ಣ ವಿಧಾನಸಭೆಯಲ್ಲಿ ಮಾಹಿತಿ ನೀಡಿದರು. ಪ್ರಶ್ನೋತ್ತರ ವೇಳೆಯಲ್ಲಿ ಶಾಸಕರೊಬ್ಬರು ಕೇಳಿದ ಪ್ರಶ್ನೆಗೆ ಉತ್ತರಿಸಿದ ಅವರು, ಗ್ರಾಮೀಣ ಮತ್ತು ನಗರ ಪ್ರದೇಶಗಳಲ್ಲಿ ನಡೆಸಿದ ಸಮೀಕ್ಷೆಯ ಪ್ರಕಾರ ರಾಜ್ಯದಲ್ಲಿ ವಸತಿರಹಿತರ ಸಂಖ್ಯೆ ಹೆಚ್ಚಾಗಿದೆ. ಪ್ರಧಾನಮಂತ್ರಿ ಆವಾಸ್ ಯೋಜನೆ ಸೇರಿದಂತೆ ವಿವಿಧ ವಸತಿ ಯೋಜನೆಗಳ ಮೂಲಕ ಹಂತ ಹಂತವಾಗಿ ಎಲ್ಲರಿಗೂ ಮನೆ ನಿರ್ಮಿಸಿಕೊಡುವ ಗುರಿ ಹೊಂದಲಾಗಿದೆ. ಕೇಂದ್ರ ಸರ್ಕಾರ 2,831 ಕೋಟಿ ರೂ. ಅನುದಾನ ಬಿಡುಗಡೆ ಮಾಡಿದ್ದು, ಶೀಘ್ರದಲ್ಲೇ ಫಲಾನುಭವಿಗಳ ಆಯ್ಕೆ ಪ್ರಕ್ರಿಯೆ ಪೂರ್ಣಗೊಳಿಸಲಾಗುವುದು. ನಗರ ಪ್ರದೇಶಗಳಲ್ಲಿ ವಸತಿ ರಹಿತರ ಸಂಖ್ಯೆ 36.69 ಲಕ್ಷದಷ್ಟಿದೆ ಎಂದು ಅವರು ವಿವರಿಸಿದರು.
ಯೆಸ್ ಬ್ಯಾಂಕ್‌ನ ರಾಣಾಗೆ
ಸಿಬಿಐ ಶಾಕ್: ಮುಂಬೈನ ಮನೆ,
ಕಚೇರಿಗಳ ಮೇಲೆ ಸಿಬಿಐ ರೇಡ್
ಮುಂಬೈ,ಮಾ.9- ಯೆಸ್‌ಬ್ಯಾಂಕ್ ವಿವಾದಕ್ಕೆ ಸಂಬಂಧಿಸಿದಂತೆ ಬ್ಯಾಂಕಿನ ಸಂಸ್ಥಾಪಕ ರಾಣಾ ಕಪೂರ್ ಅವರಿಗೆ ಸೇರಿದ ಮನೆ ಮತ್ತು ಕಚೇರಿಗಳ ಮೇಲೆ ಸಿಬಿಐ ಅಧಿಕಾರಿಗಳು ದಾಳಿ ನಡೆಸಿದ್ದಾರೆ. ಮುಂಬೈನಲ್ಲಿರುವ 7 ಸ್ಥಳಗಳಲ್ಲಿ ಏಕಕಾಲದಲ್ಲಿ ದಾಳಿ ನಡೆಸಿದ ಅಧಿಕಾರಿಗಳು ಮಹತ್ವದ ದಾಖಲೆಗಳನ್ನು ವಶಪಡಿಸಿಕೊಂಡಿದ್ದಾರೆ. ರಾಣಾ ಕಪೂರ್(62) ವಿರುದ್ಧ ಅಕ್ರಮ ಹಣ ವರ್ಗಾವಣೆ ಪ್ರಕರಣ ದಾಖಲಿಸಿರುವ ಜಾರಿ ನಿರ್ದೇಶನಾಲಯ ಅವರನ್ನು ಬಂಧಿಸಿದೆ. ಡಿಎಚ್‌ಎಫ್‌ಎಲ್ ಸಂಸ್ಥೆಗೆ ನೀಡಿದ ಸಾಲಕ್ಕೆ ಪ್ರತಿಯಾಗಿ 600 ಕೋಟಿ ರೂ. ಲಂಚ ಪಡೆದ ಆರೋಪ ಅವರ ಮೇಲಿದೆ. ಸಾವಿರಾರು ಕೋಟಿ ರೂ. ಸಾಲ ವಸೂಲಾಗದ ಹಿನ್ನೆಲೆಯಲ್ಲಿ ಬ್ಯಾಂಕ್ ತೀವ್ರ ಆರ್ಥಿಕ ಸಂಕಷ್ಟಕ್ಕೆ ಸಿಲುಕಿದೆ. ಈ ಹಿನ್ನೆಲೆಯಲ್ಲಿ ಆರ್‌ಬಿಐ ಬ್ಯಾಂಕಿನ ಆಡಳಿತ ಮಂಡಳಿಯನ್ನು ವಜಾಗೊಳಿಸಿ ಆಡಳಿತಾಧಿಕಾರಿ ನೇಮಕ ಮಾಡಿದೆ. ಪ್ರಕರಣದ ತನಿಖೆ ಮುಂದುವರಿದಿದೆ ಎಂದು ಮೂಲಗಳು ತಿಳಿಸಿವೆ.
ಮುಂಬೈ,ಮಾ.9- ಯೆಸ್‌ಬ್ಯಾಂಕ್ ವಿವಾದಕ್ಕೆ ಸಂಬಂಧಿಸಿದಂತೆ ಬ್ಯಾಂಕಿನ ಸಂಸ್ಥಾಪಕ ರಾಣಾ ಕಪೂರ್ ಅವರಿಗೆ ಸೇರಿದ ಮನೆ ಮತ್ತು ಕಚೇರಿಗಳ ಮೇಲೆ ಸಿಬಿಐ ಅಧಿಕಾರಿಗಳು ದಾಳಿ ನಡೆಸಿದ್ದಾರೆ. ಮುಂಬೈನಲ್ಲಿರುವ 7 ಸ್ಥಳಗಳಲ್ಲಿ ಏಕಕಾಲದಲ್ಲಿ ದಾಳಿ ನಡೆಸಿದ ಅಧಿಕಾರಿಗಳು ಮಹತ್ವದ ದಾಖಲೆಗಳನ್ನು ವಶಪಡಿಸಿಕೊಂಡಿದ್ದಾರೆ. ರಾಣಾ ಕಪೂರ್(62) ವಿರುದ್ಧ ಅಕ್ರಮ ಹಣ ವರ್ಗಾವಣೆ ಪ್ರಕರಣ ದಾಖಲಿಸಿರುವ ಜಾರಿ ನಿರ್ದೇಶನಾಲಯ ಅವರನ್ನು ಬಂಧಿಸಿದೆ. ಡಿಎಚ್‌ಎಫ್‌ಎಲ್ ಸಂಸ್ಥೆಗೆ ನೀಡಿದ ಸಾಲಕ್ಕೆ ಪ್ರತಿಯಾಗಿ 600 ಕೋಟಿ ರೂ. ಲಂಚ ಪಡೆದ ಆರೋಪ ಅವರ ಮೇಲಿದೆ. ಸಾವಿರಾರು ಕೋಟಿ ರೂ. ಸಾಲ ವಸೂಲಾಗದ ಹಿನ್ನೆಲೆಯಲ್ಲಿ ಬ್ಯಾಂಕ್ ತೀವ್ರ ಆರ್ಥಿಕ ಸಂಕಷ್ಟಕ್ಕೆ ಸಿಲುಕಿದೆ. ಈ ಹಿನ್ನೆಲೆಯಲ್ಲಿ ಆರ್‌ಬಿಐ ಬ್ಯಾಂಕಿನ ಆಡಳಿತ ಮಂಡಳಿಯನ್ನು ವಜಾಗೊಳಿಸಿ ಆಡಳಿತಾಧಿಕಾರಿ ನೇಮಕ ಮಾಡಿದೆ. ಪ್ರಕರಣದ ತನಿಖೆ ಮುಂದುವರಿದಿದೆ ಎಂದು ಮೂಲಗಳು ತಿಳಿಸಿವೆ.
ಮೈಸೂರಲ್ಲಿ ವರ್ಣರಂಜಿತ ಹೋಳಿ ಆಚರಣೆ
ಮಹಾರಾಣಿ ಕಾಲೇಜಿನ ವಿದ್ಯಾರ್ಥಿನಿಯರು ಪರಸ್ಪರ ಬಣ್ಣ ಎರಚುವ ಮೂಲಕ ಹೋಳಿ ಹಬ್ಬ ಆಚರಿಸಿದರು.
ಕೊರೊನಾ ಭೀತಿಯ ನಡುವೆಯೂ ಮೈಸೂರಿನಲ್ಲಿ ಸೋಮವಾರ ಹೋಳಿ ಹಬ್ಬವನ್ನು ಸಂಭ್ರಮದಿಂದ ಆಚರಿಸಲಾಯಿತು. ನಗರದ ವಿವಿಧ ಬಡಾವಣೆಗಳಲ್ಲಿ ಯುವಕ-ಯುವತಿಯರು ಪರಸ್ಪರ ಬಣ್ಣ ಎರಚಿ ಸಂಭ್ರಮಿಸಿದರು. ಕಾಲೇಜು ವಿದ್ಯಾರ್ಥಿಗಳು ಗುಂಪು ಗುಂಪಾಗಿ ಸೇರಿ ಬಣ್ಣದ ಓಕುಳಿಯಲ್ಲಿ ಮಿಂದೆದ್ದರು. ಮಹಾರಾಣಿ ಕಾಲೇಜು ವಿದ್ಯಾರ್ಥಿನಿಯರು ಕಾಲೇಜು ಆವರಣದಲ್ಲಿ ಹೋಳಿ ಆಚರಿಸಿದರು. ಮಕ್ಕಳು ಪಿಚಕಾರಿ ಹಿಡಿದು ಬಣ್ಣದ ನೀರನ್ನು ಎರಚುತ್ತಾ ಕುಣಿದು ಕುಪ್ಪಳಿಸಿದರು. ಕೆಲವೆಡೆ ಡಿಜೆ ಸಂಗೀತಕ್ಕೆ ಹೆಜ್ಜೆ ಹಾಕಿದ ಯುವಜನರು ಹಬ್ಬಕ್ಕೆ ಮತ್ತಷ್ಟು ಮೆರಗು ನೀಡಿದರು. ಸಂತ ಫಿಲೋಮಿನಾ ಚರ್ಚ್ ರಸ್ತೆ, ಸರಸ್ವತಿಪುರಂ, ಕುವೆಂಪುನಗರ ಸೇರಿದಂತೆ ಹಲವೆಡೆ ಹೋಳಿ ಸಂಭ್ರಮ ಮನೆ ಮಾಡಿತ್ತು. ಆರೋಗ್ಯ ಇಲಾಖೆ ಸಲಹೆಯಂತೆ ಹಲವರು ಸರಳವಾಗಿ ಹಬ್ಬ ಆಚರಿಸಿದರು.
ಕೊರೊನಾ ಭೀತಿಯ ನಡುವೆಯೂ ಮೈಸೂರಿನಲ್ಲಿ ಸೋಮವಾರ ಹೋಳಿ ಹಬ್ಬವನ್ನು ಸಂಭ್ರಮದಿಂದ ಆಚರಿಸಲಾಯಿತು. ನಗರದ ವಿವಿಧ ಬಡಾವಣೆಗಳಲ್ಲಿ ಯುವಕ-ಯುವತಿಯರು ಪರಸ್ಪರ ಬಣ್ಣ ಎರಚಿ ಸಂಭ್ರಮಿಸಿದರು. ಕಾಲೇಜು ವಿದ್ಯಾರ್ಥಿಗಳು ಗುಂಪು ಗುಂಪಾಗಿ ಸೇರಿ ಬಣ್ಣದ ಓಕುಳಿಯಲ್ಲಿ ಮಿಂದೆದ್ದರು. ಮಹಾರಾಣಿ ಕಾಲೇಜು ವಿದ್ಯಾರ್ಥಿನಿಯರು ಕಾಲೇಜು ಆವರಣದಲ್ಲಿ ಹೋಳಿ ಆಚರಿಸಿದರು. ಮಕ್ಕಳು ಪಿಚಕಾರಿ ಹಿಡಿದು ಬಣ್ಣದ ನೀರನ್ನು ಎರಚುತ್ತಾ ಕುಣಿದು ಕುಪ್ಪಳಿಸಿದರು. ಕೆಲವೆಡೆ ಡಿಜೆ ಸಂಗೀತಕ್ಕೆ ಹೆಜ್ಜೆ ಹಾಕಿದ ಯುವಜನರು ಹಬ್ಬಕ್ಕೆ ಮತ್ತಷ್ಟು ಮೆರಗು ನೀಡಿದರು. ಸಂತ ಫಿಲೋಮಿನಾ ಚರ್ಚ್ ರಸ್ತೆ, ಸರಸ್ವತಿಪುರಂ, ಕುವೆಂಪುನಗರ ಸೇರಿದಂತೆ ಹಲವೆಡೆ ಹೋಳಿ ಸಂಭ್ರಮ ಮನೆ ಮಾಡಿತ್ತು. ಆರೋಗ್ಯ ಇಲಾಖೆ ಸಲಹೆಯಂತೆ ಹಲವರು ಸರಳವಾಗಿ ಹಬ್ಬ ಆಚರಿಸಿದರು.
